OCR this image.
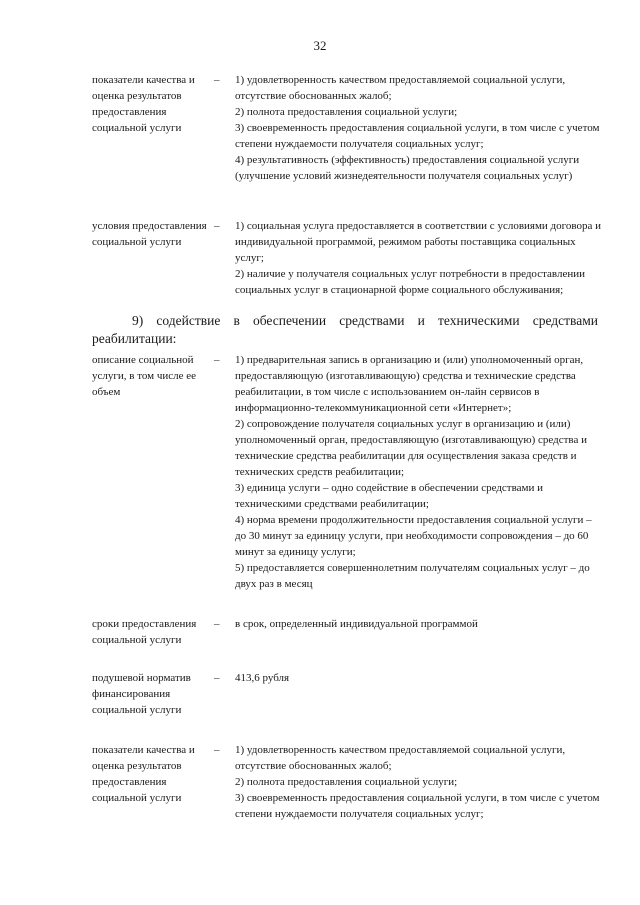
32
показатели качества и оценка результатов предоставления социальной услуги
–	1) удовлетворенность качеством предоставляемой социальной услуги, отсутствие обоснованных жалоб;

2) полнота предоставления социальной услуги;

3) своевременность предоставления социальной услуги, в том числе с учетом степени нуждаемости получателя социальных услуг;

4) результативность (эффективность) предоставления социальной услуги (улучшение условий жизнедеятельности получателя социальных услуг)

условия предоставления социальной услуги
–	1) социальная услуга предоставляется в соответствии с условиями договора и индивидуальной программой, режимом работы поставщика социальных услуг;

2) наличие у получателя социальных услуг потребности в предоставлении социальных услуг в стационарной форме социального обслуживания;

9) содействие в обеспечении средствами и техническими средствами реабилитации:
описание социальной услуги, в том числе ее объем
–	1) предварительная запись в организацию и (или) уполномоченный орган, предоставляющую (изготавливающую) средства и технические средства реабилитации, в том числе с использованием он-лайн сервисов в информационно-телекоммуникационной сети «Интернет»;

2) сопровождение получателя социальных услуг в организацию и (или) уполномоченный орган, предоставляющую (изготавливающую) средства и технические средства реабилитации для осуществления заказа средств и технических средств реабилитации;

3) единица услуги – одно содействие в обеспечении средствами и техническими средствами реабилитации;

4) норма времени продолжительности предоставления социальной услуги – до 30 минут за единицу услуги, при необходимости сопровождения – до 60 минут за единицу услуги;

5) предоставляется совершеннолетним получателям социальных услуг – до двух раз в месяц

сроки предоставления социальной услуги
–	в срок, определенный индивидуальной программой

подушевой норматив финансирования социальной услуги
–	413,6 рубля

показатели качества и оценка результатов предоставления социальной услуги
–	1) удовлетворенность качеством предоставляемой социальной услуги, отсутствие обоснованных жалоб;

2) полнота предоставления социальной услуги;

3) своевременность предоставления социальной услуги, в том числе с учетом степени нуждаемости получателя социальных услуг;
